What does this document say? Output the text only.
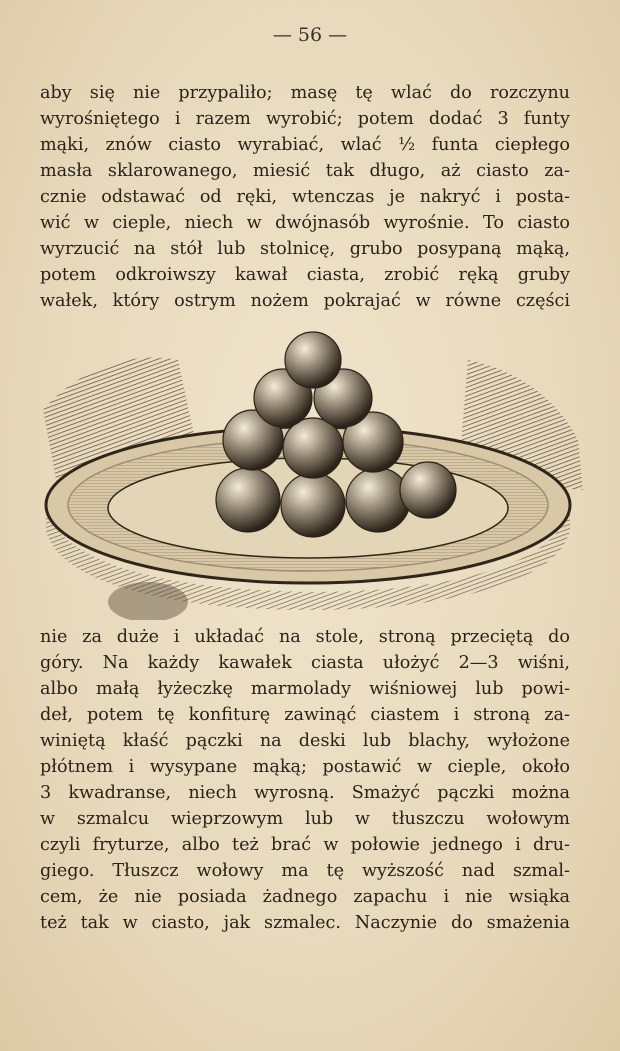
— 56 —
aby się nie przypaliło; masę tę wlać do rozczynu
wyrośniętego i razem wyrobić; potem dodać 3 funty
mąki, znów ciasto wyrabiać, wlać ½ funta ciepłego
masła sklarowanego, miesić tak długo, aż ciasto za-
cznie odstawać od ręki, wtenczas je nakryć i posta-
wić w cieple, niech w dwójnasób wyrośnie. To ciasto
wyrzucić na stół lub stolnicę, grubo posypaną mąką,
potem odkroiwszy kawał ciasta, zrobić ręką gruby
wałek, który ostrym nożem pokrajać w równe części
nie za duże i układać na stole, stroną przeciętą do
góry. Na każdy kawałek ciasta ułożyć 2—3 wiśni,
albo małą łyżeczkę marmolady wiśniowej lub powi-
deł, potem tę konfiturę zawinąć ciastem i stroną za-
winiętą kłaść pączki na deski lub blachy, wyłożone
płótnem i wysypane mąką; postawić w cieple, około
3 kwadranse, niech wyrosną. Smażyć pączki można
w szmalcu wieprzowym lub w tłuszczu wołowym
czyli fryturze, albo też brać w połowie jednego i dru-
giego. Tłuszcz wołowy ma tę wyższość nad szmal-
cem, że nie posiada żadnego zapachu i nie wsiąka
też tak w ciasto, jak szmalec. Naczynie do smażenia
